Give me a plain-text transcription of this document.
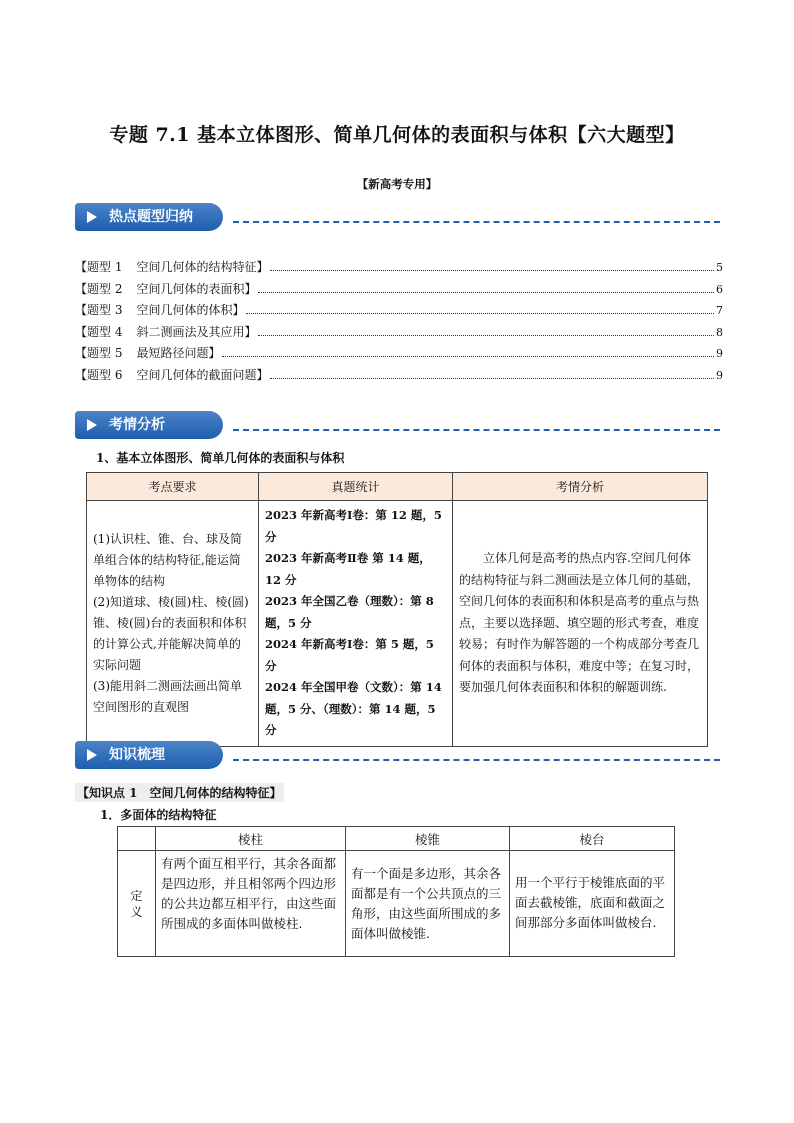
专题 7.1 基本立体图形、简单几何体的表面积与体积【六大题型】
【新高考专用】
热点题型归纳
【题型 1 空间几何体的结构特征】	5
【题型 2 空间几何体的表面积】	6
【题型 3 空间几何体的体积】	7
【题型 4 斜二测画法及其应用】	8
【题型 5 最短路径问题】	9
【题型 6 空间几何体的截面问题】	9
考情分析
1、基本立体图形、简单几何体的表面积与体积
考点要求	真题统计	考情分析
(1)认识柱、锥、台、球及简单组合体的结构特征,能运简单物体的结构
(2)知道球、棱(圆)柱、棱(圆)锥、棱(圆)台的表面积和体积的计算公式,并能解决简单的实际问题
(3)能用斜二测画法画出简单空间图形的直观图	2023 年新高考Ⅰ卷：第 12 题，5 分
2023 年新高考Ⅱ卷 第 14 题，12 分
2023 年全国乙卷（理数）：第 8 题，5 分
2024 年新高考Ⅰ卷：第 5 题，5 分
2024 年全国甲卷（文数）：第 14 题，5 分、（理数）：第 14 题，5 分	立体几何是高考的热点内容.空间几何体的结构特征与斜二测画法是立体几何的基础，空间几何体的表面积和体积是高考的重点与热点，主要以选择题、填空题的形式考查，难度较易；有时作为解答题的一个构成部分考查几何体的表面积与体积，难度中等；在复习时，要加强几何体表面积和体积的解题训练.
知识梳理
【知识点 1　空间几何体的结构特征】
1．多面体的结构特征
	棱柱	棱锥	棱台
定义	有两个面互相平行，其余各面都是四边形，并且相邻两个四边形的公共边都互相平行，由这些面所围成的多面体叫做棱柱.	有一个面是多边形，其余各面都是有一个公共顶点的三角形，由这些面所围成的多面体叫做棱锥.	用一个平行于棱锥底面的平面去截棱锥，底面和截面之间那部分多面体叫做棱台.
